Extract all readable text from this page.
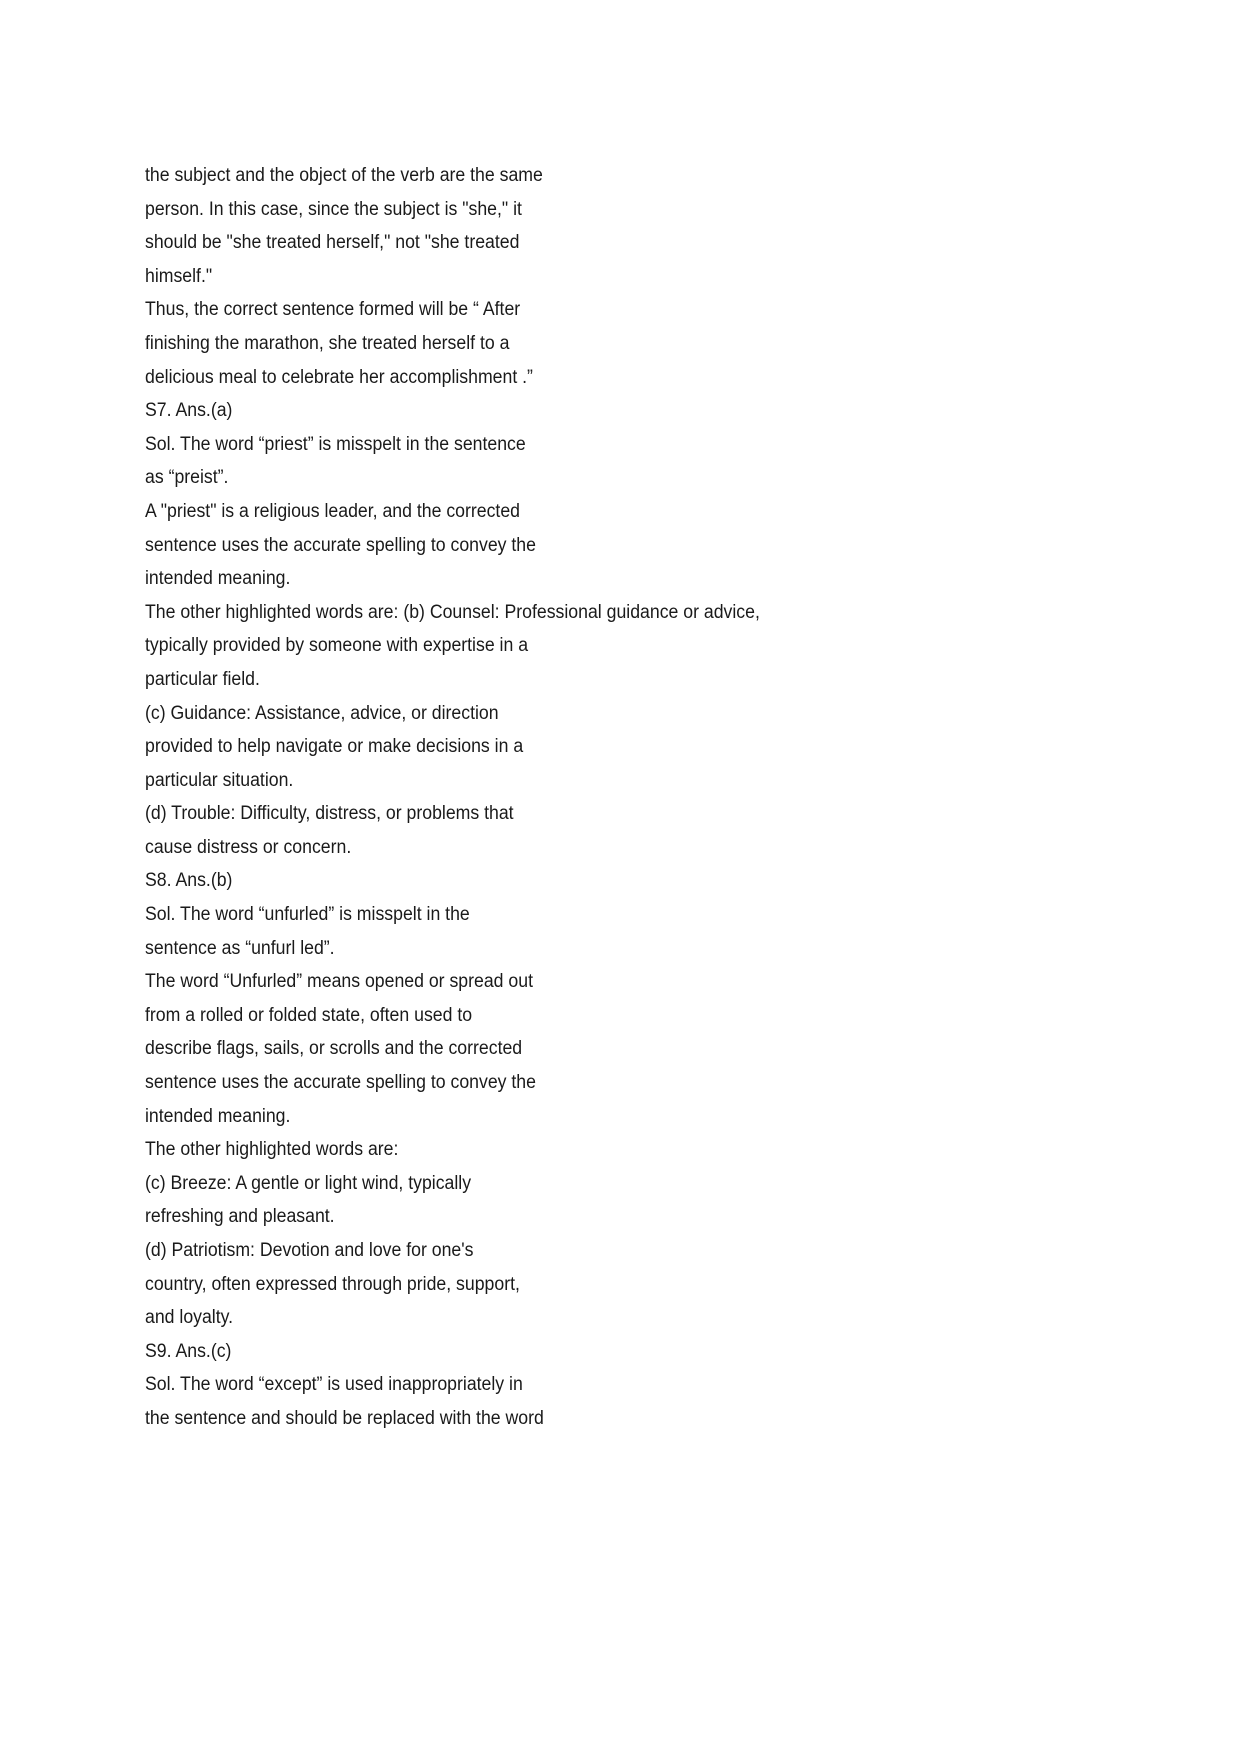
the subject and the object of the verb are the same
person. In this case, since the subject is "she," it
should be "she treated herself," not "she treated
himself."
Thus, the correct sentence formed will be “ After
finishing the marathon, she treated herself to a
delicious meal to celebrate her accomplishment .”
S7. Ans.(a)
Sol. The word “priest” is misspelt in the sentence
as “preist”.
A "priest" is a religious leader, and the corrected
sentence uses the accurate spelling to convey the
intended meaning.
The other highlighted words are: (b) Counsel: Professional guidance or advice,
typically provided by someone with expertise in a
particular field.
(c) Guidance: Assistance, advice, or direction
provided to help navigate or make decisions in a
particular situation.
(d) Trouble: Difficulty, distress, or problems that
cause distress or concern.
S8. Ans.(b)
Sol. The word “unfurled” is misspelt in the
sentence as “unfurl led”.
The word “Unfurled” means opened or spread out
from a rolled or folded state, often used to
describe flags, sails, or scrolls and the corrected
sentence uses the accurate spelling to convey the
intended meaning.
The other highlighted words are:
(c) Breeze: A gentle or light wind, typically
refreshing and pleasant.
(d) Patriotism: Devotion and love for one's
country, often expressed through pride, support,
and loyalty.
S9. Ans.(c)
Sol. The word “except” is used inappropriately in
the sentence and should be replaced with the word
